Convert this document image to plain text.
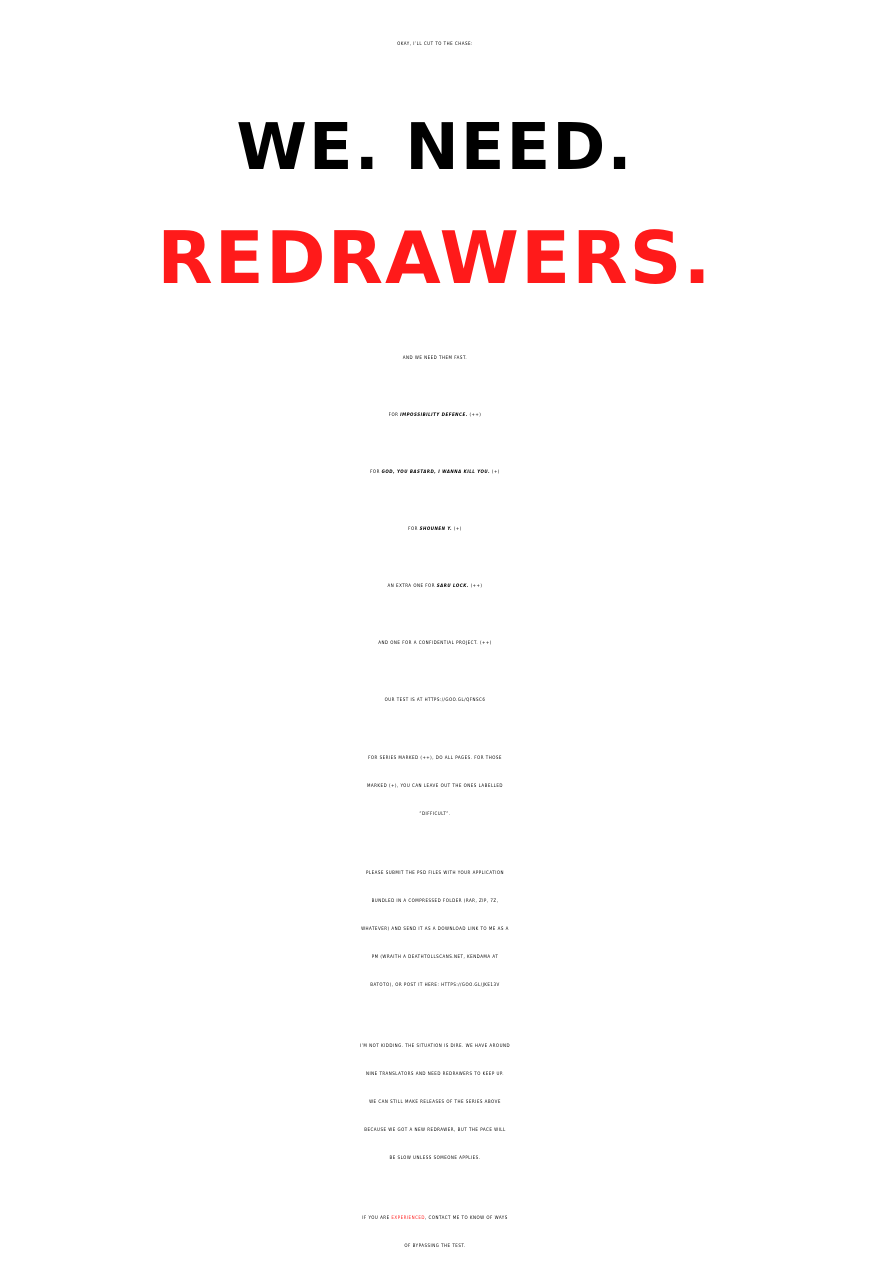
OKAY, I’LL CUT TO THE CHASE:

WE. NEED.

REDRAWERS.

AND WE NEED THEM FAST.

FOR IMPOSSIBILITY DEFENCE. (++)

FOR GOD, YOU BASTARD, I WANNA KILL YOU. (+)

FOR SHOUNEN Y. (+)

AN EXTRA ONE FOR SARU LOCK. (++)

AND ONE FOR A CONFIDENTIAL PROJECT. (++)

OUR TEST IS AT HTTPS://GOO.GL/QFNSC6

FOR SERIES MARKED (++), DO ALL PAGES. FOR THOSE
MARKED (+), YOU CAN LEAVE OUT THE ONES LABELLED
”DIFFICULT”.
PLEASE SUBMIT THE PSD FILES WITH YOUR APPLICATION
BUNDLED IN A COMPRESSED FOLDER (RAR, ZIP, 7Z,
WHATEVER) AND SEND IT AS A DOWNLOAD LINK TO ME AS A
PM (WRAITH A DEATHTOLLSCANS.NET, KENDAMA AT
BATOTO), OR POST IT HERE: HTTPS://GOO.GL/JKE13V
I’M NOT KIDDING. THE SITUATION IS DIRE. WE HAVE AROUND
NINE TRANSLATORS AND NEED REDRAWERS TO KEEP UP.
WE CAN STILL MAKE RELEASES OF THE SERIES ABOVE
BECAUSE WE GOT A NEW REDRAWER, BUT THE PACE WILL
BE SLOW UNLESS SOMEONE APPLIES.
IF YOU ARE EXPERIENCED, CONTACT ME TO KNOW OF WAYS
OF BYPASSING THE TEST.
